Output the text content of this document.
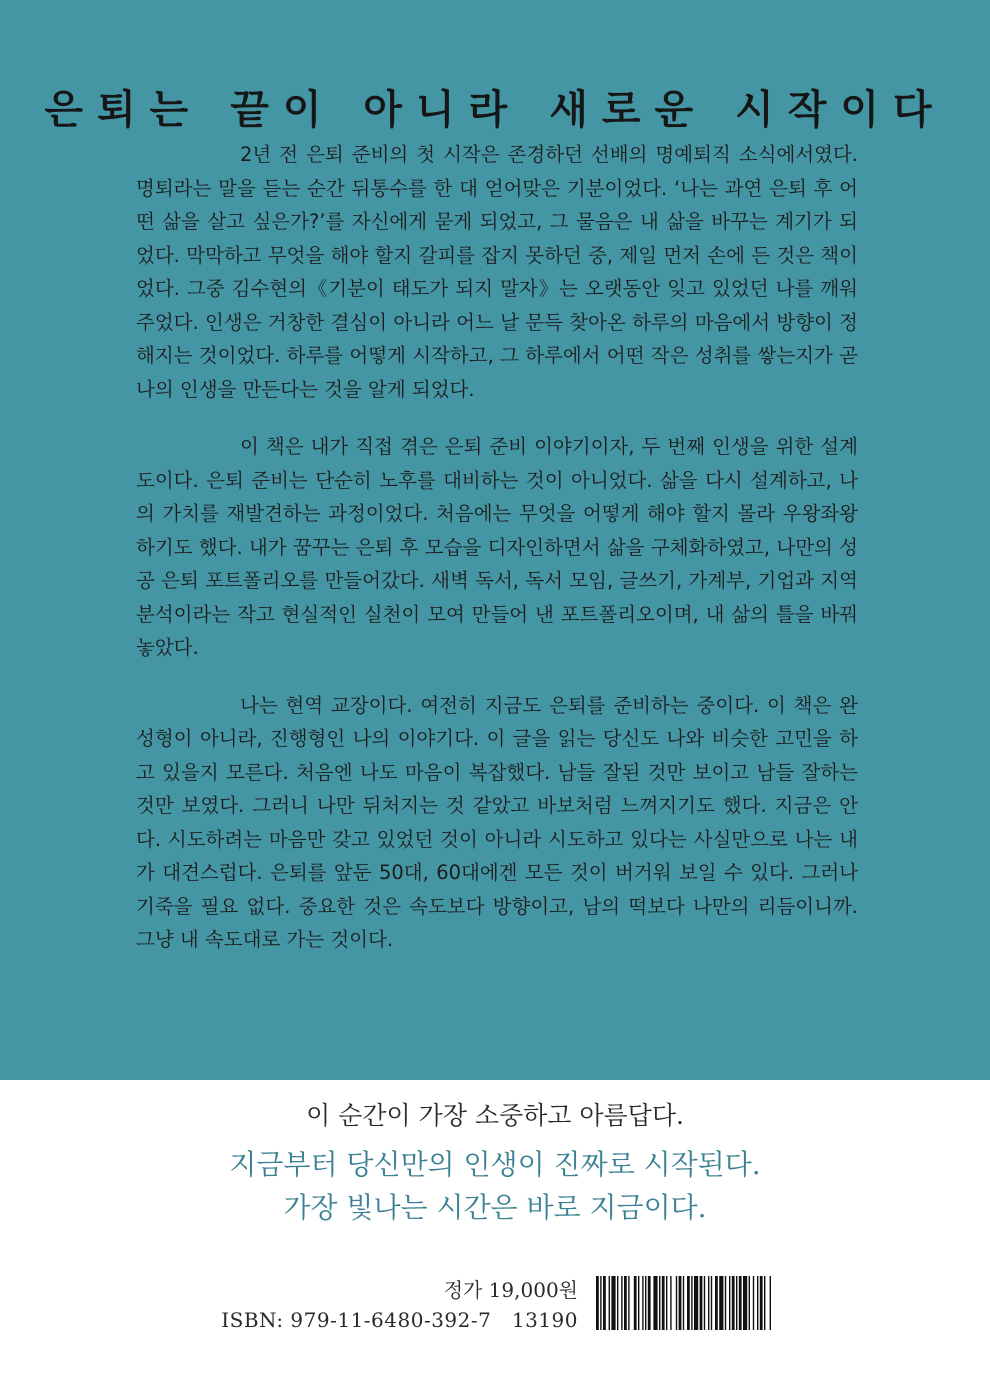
은퇴는 끝이 아니라 새로운 시작이다

2년 전 은퇴 준비의 첫 시작은 존경하던 선배의 명예퇴직 소식에서였다. 명퇴라는 말을 듣는 순간 뒤통수를 한 대 얻어맞은 기분이었다. ‘나는 과연 은퇴 후 어떤 삶을 살고 싶은가?’를 자신에게 묻게 되었고, 그 물음은 내 삶을 바꾸는 계기가 되었다. 막막하고 무엇을 해야 할지 갈피를 잡지 못하던 중, 제일 먼저 손에 든 것은 책이었다. 그중 김수현의《기분이 태도가 되지 말자》는 오랫동안 잊고 있었던 나를 깨워 주었다. 인생은 거창한 결심이 아니라 어느 날 문득 찾아온 하루의 마음에서 방향이 정해지는 것이었다. 하루를 어떻게 시작하고, 그 하루에서 어떤 작은 성취를 쌓는지가 곧 나의 인생을 만든다는 것을 알게 되었다.

이 책은 내가 직접 겪은 은퇴 준비 이야기이자, 두 번째 인생을 위한 설계도이다. 은퇴 준비는 단순히 노후를 대비하는 것이 아니었다. 삶을 다시 설계하고, 나의 가치를 재발견하는 과정이었다. 처음에는 무엇을 어떻게 해야 할지 몰라 우왕좌왕하기도 했다. 내가 꿈꾸는 은퇴 후 모습을 디자인하면서 삶을 구체화하였고, 나만의 성공 은퇴 포트폴리오를 만들어갔다. 새벽 독서, 독서 모임, 글쓰기, 가계부, 기업과 지역분석이라는 작고 현실적인 실천이 모여 만들어 낸 포트폴리오이며, 내 삶의 틀을 바꿔 놓았다.

나는 현역 교장이다. 여전히 지금도 은퇴를 준비하는 중이다. 이 책은 완성형이 아니라, 진행형인 나의 이야기다. 이 글을 읽는 당신도 나와 비슷한 고민을 하고 있을지 모른다. 처음엔 나도 마음이 복잡했다. 남들 잘된 것만 보이고 남들 잘하는 것만 보였다. 그러니 나만 뒤처지는 것 같았고 바보처럼 느껴지기도 했다. 지금은 안다. 시도하려는 마음만 갖고 있었던 것이 아니라 시도하고 있다는 사실만으로 나는 내가 대견스럽다. 은퇴를 앞둔 50대, 60대에겐 모든 것이 버거워 보일 수 있다. 그러나 기죽을 필요 없다. 중요한 것은 속도보다 방향이고, 남의 떡보다 나만의 리듬이니까. 그냥 내 속도대로 가는 것이다.

이 순간이 가장 소중하고 아름답다.

지금부터 당신만의 인생이 진짜로 시작된다.

가장 빛나는 시간은 바로 지금이다.

정가 19,000원

ISBN: 979-11-6480-392-7　13190
